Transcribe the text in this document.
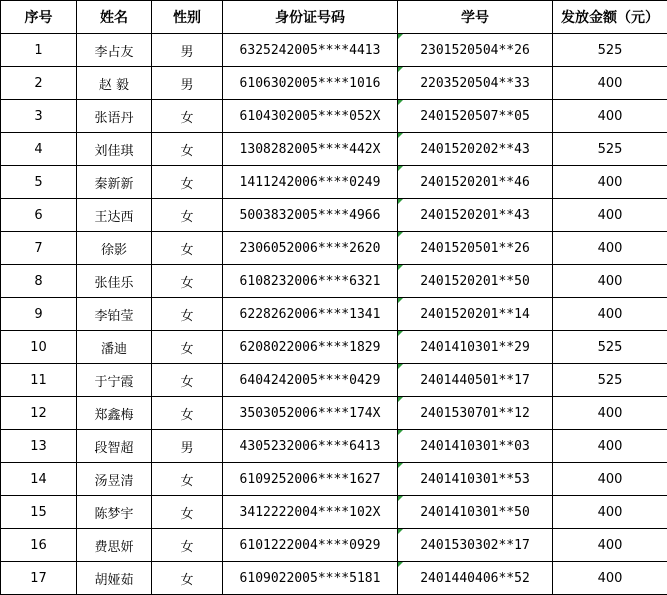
序号	姓名	性别	身份证号码	学号	发放金额（元）
1	李占友	男	6325242005****4413	2301520504**26	525
2	赵 毅	男	6106302005****1016	2203520504**33	400
3	张语丹	女	6104302005****052X	2401520507**05	400
4	刘佳琪	女	1308282005****442X	2401520202**43	525
5	秦新新	女	1411242006****0249	2401520201**46	400
6	王达西	女	5003832005****4966	2401520201**43	400
7	徐影	女	2306052006****2620	2401520501**26	400
8	张佳乐	女	6108232006****6321	2401520201**50	400
9	李铂莹	女	6228262006****1341	2401520201**14	400
10	潘迪	女	6208022006****1829	2401410301**29	525
11	于宁霞	女	6404242005****0429	2401440501**17	525
12	郑鑫梅	女	3503052006****174X	2401530701**12	400
13	段智超	男	4305232006****6413	2401410301**03	400
14	汤昱清	女	6109252006****1627	2401410301**53	400
15	陈梦宇	女	3412222004****102X	2401410301**50	400
16	费思妍	女	6101222004****0929	2401530302**17	400
17	胡娅茹	女	6109022005****5181	2401440406**52	400
